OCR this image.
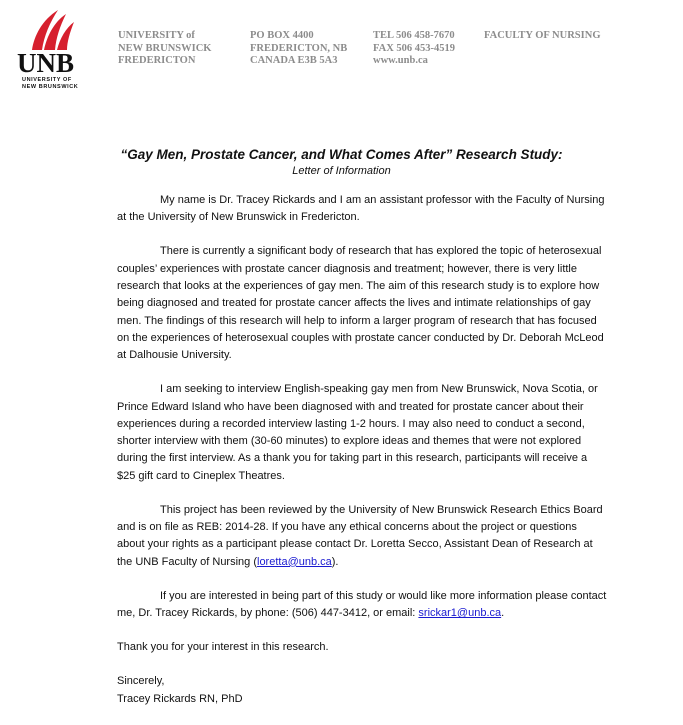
UNB
UNIVERSITY OF
NEW BRUNSWICK
UNIVERSITY of
NEW BRUNSWICK
FREDERICTON
PO BOX 4400
FREDERICTON, NB
CANADA E3B 5A3
TEL 506 458-7670
FAX 506 453-4519
www.unb.ca
FACULTY OF NURSING
“Gay Men, Prostate Cancer, and What Comes After” Research Study:
Letter of Information

My name is Dr. Tracey Rickards and I am an assistant professor with the Faculty of Nursing at the University of New Brunswick in Fredericton.

There is currently a significant body of research that has explored the topic of heterosexual couples’ experiences with prostate cancer diagnosis and treatment; however, there is very little research that looks at the experiences of gay men. The aim of this research study is to explore how being diagnosed and treated for prostate cancer affects the lives and intimate relationships of gay men. The findings of this research will help to inform a larger program of research that has focused on the experiences of heterosexual couples with prostate cancer conducted by Dr. Deborah McLeod at Dalhousie University.

I am seeking to interview English-speaking gay men from New Brunswick, Nova Scotia, or Prince Edward Island who have been diagnosed with and treated for prostate cancer about their experiences during a recorded interview lasting 1-2 hours. I may also need to conduct a second, shorter interview with them (30-60 minutes) to explore ideas and themes that were not explored during the first interview. As a thank you for taking part in this research, participants will receive a $25 gift card to Cineplex Theatres.

This project has been reviewed by the University of New Brunswick Research Ethics Board and is on file as REB: 2014-28. If you have any ethical concerns about the project or questions about your rights as a participant please contact Dr. Loretta Secco, Assistant Dean of Research at the UNB Faculty of Nursing (loretta@unb.ca).

If you are interested in being part of this study or would like more information please contact me, Dr. Tracey Rickards, by phone: (506) 447-3412, or email: srickar1@unb.ca.

Thank you for your interest in this research.

Sincerely,
Tracey Rickards RN, PhD
